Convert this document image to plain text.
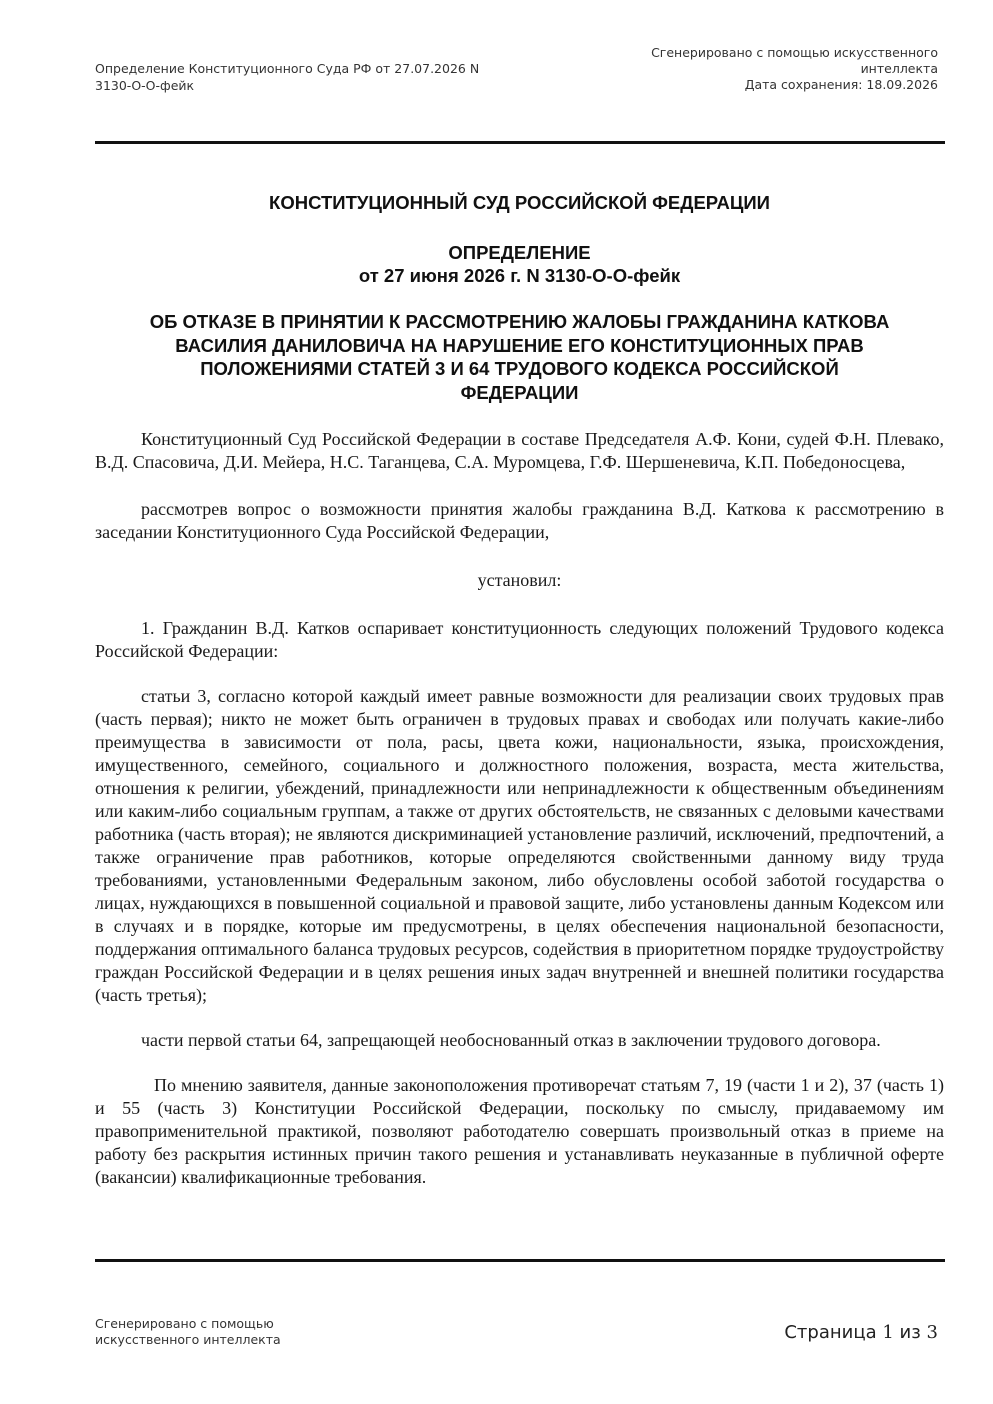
Определение Конституционного Суда РФ от 27.07.2026 N
3130-О-О-фейк
Сгенерировано с помощью искусственного
интеллекта
Дата сохранения: 18.09.2026
КОНСТИТУЦИОННЫЙ СУД РОССИЙСКОЙ ФЕДЕРАЦИИ
ОПРЕДЕЛЕНИЕ
от 27 июня 2026 г. N 3130-О-О-фейк
ОБ ОТКАЗЕ В ПРИНЯТИИ К РАССМОТРЕНИЮ ЖАЛОБЫ ГРАЖДАНИНА КАТКОВА ВАСИЛИЯ ДАНИЛОВИЧА НА НАРУШЕНИЕ ЕГО КОНСТИТУЦИОННЫХ ПРАВ ПОЛОЖЕНИЯМИ СТАТЕЙ 3 И 64 ТРУДОВОГО КОДЕКСА РОССИЙСКОЙ ФЕДЕРАЦИИ

Конституционный Суд Российской Федерации в составе Председателя А.Ф. Кони, судей Ф.Н. Плевако, В.Д. Спасовича, Д.И. Мейера, Н.С. Таганцева, С.А. Муромцева, Г.Ф. Шершеневича, К.П. Победоносцева,

рассмотрев вопрос о возможности принятия жалобы гражданина В.Д. Каткова к рассмотрению в заседании Конституционного Суда Российской Федерации,

установил:

1. Гражданин В.Д. Катков оспаривает конституционность следующих положений Трудового кодекса Российской Федерации:

статьи 3, согласно которой каждый имеет равные возможности для реализации своих трудовых прав (часть первая); никто не может быть ограничен в трудовых правах и свободах или получать какие-либо преимущества в зависимости от пола, расы, цвета кожи, национальности, языка, происхождения, имущественного, семейного, социального и должностного положения, возраста, места жительства, отношения к религии, убеждений, принадлежности или непринадлежности к общественным объединениям или каким-либо социальным группам, а также от других обстоятельств, не связанных с деловыми качествами работника (часть вторая); не являются дискриминацией установление различий, исключений, предпочтений, а также ограничение прав работников, которые определяются свойственными данному виду труда требованиями, установленными Федеральным законом, либо обусловлены особой заботой государства о лицах, нуждающихся в повышенной социальной и правовой защите, либо установлены данным Кодексом или в случаях и в порядке, которые им предусмотрены, в целях обеспечения национальной безопасности, поддержания оптимального баланса трудовых ресурсов, содействия в приоритетном порядке трудоустройству граждан Российской Федерации и в целях решения иных задач внутренней и внешней политики государства (часть третья);

части первой статьи 64, запрещающей необоснованный отказ в заключении трудового договора.

По мнению заявителя, данные законоположения противоречат статьям 7, 19 (части 1 и 2), 37 (часть 1) и 55 (часть 3) Конституции Российской Федерации, поскольку по смыслу, придаваемому им правоприменительной практикой, позволяют работодателю совершать произвольный отказ в приеме на работу без раскрытия истинных причин такого решения и устанавливать неуказанные в публичной оферте (вакансии) квалификационные требования.

Сгенерировано с помощью
искусственного интеллекта	Страница 1 из 3
